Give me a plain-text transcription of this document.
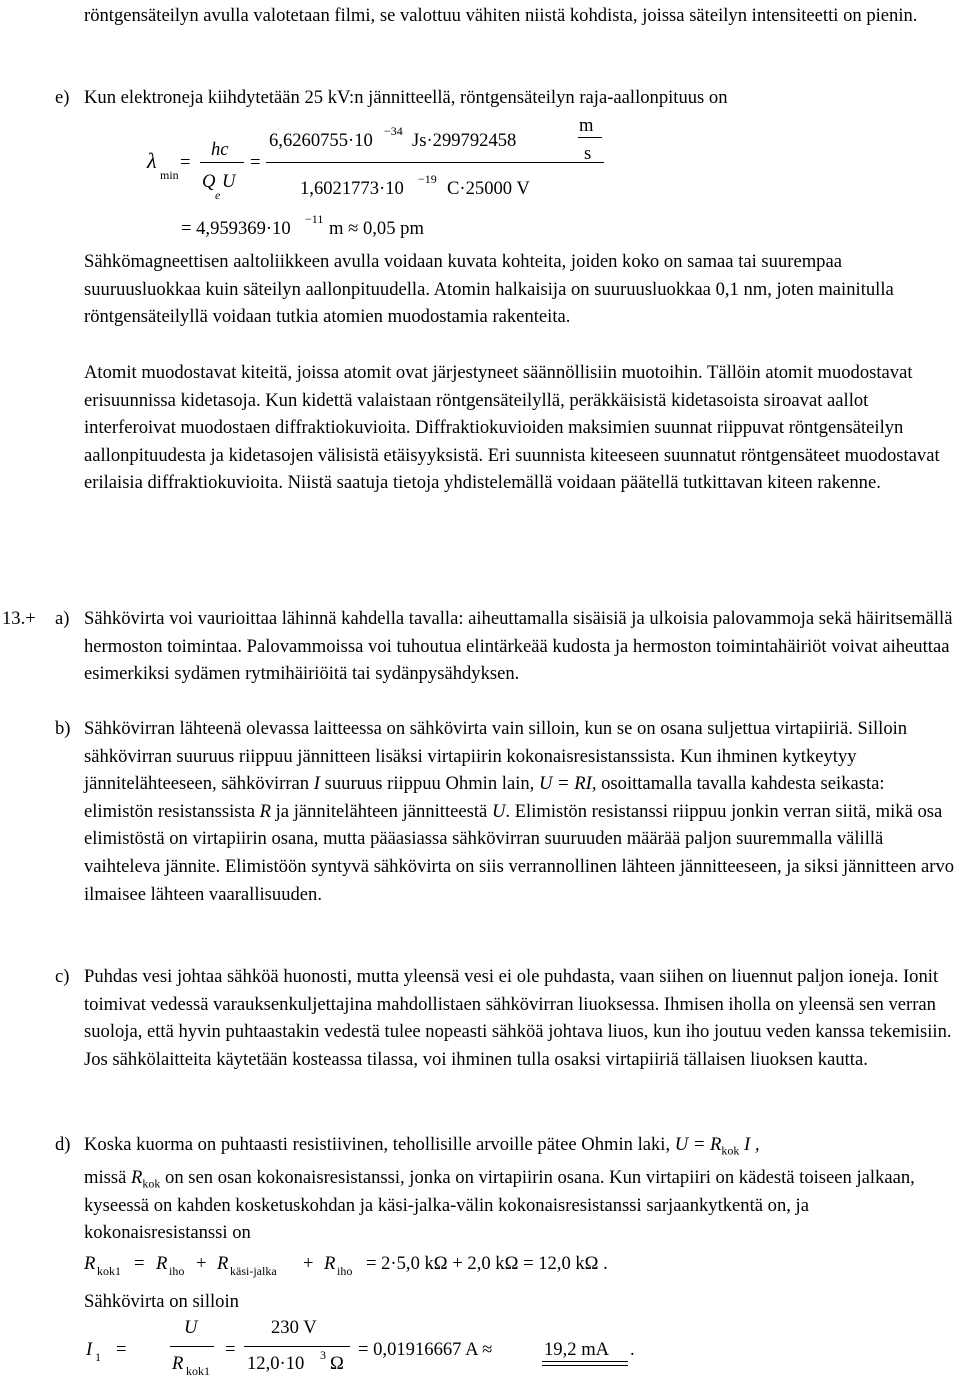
röntgensäteilyn avulla valotetaan filmi, se valottuu vähiten niistä kohdista, joissa säteilyn intensiteetti on pienin.

e) Kun elektroneja kiihdytetään 25 kV:n jännitteellä, röntgensäteilyn raja-aallonpituus on

λ
min
=
hc
Q
e
U
=
6,6260755·10 −34 Js·299792458
m
s
1,6021773·10 −19 C·25000 V
= 4,959369·10 −11 m ≈ 0,05 pm

Sähkömagneettisen aaltoliikkeen avulla voidaan kuvata kohteita, joiden koko on samaa tai suurempaa suuruusluokkaa kuin säteilyn aallonpituudella. Atomin halkaisija on suuruusluokkaa 0,1 nm, joten mainitulla röntgensäteilyllä voidaan tutkia atomien muodostamia rakenteita.

Atomit muodostavat kiteitä, joissa atomit ovat järjestyneet säännöllisiin muotoihin. Tällöin atomit muodostavat erisuunnissa kidetasoja. Kun kidettä valaistaan röntgensäteilyllä, peräkkäisistä kidetasoista siroavat aallot interferoivat muodostaen diffraktiokuvioita. Diffraktiokuvioiden maksimien suunnat riippuvat röntgensäteilyn aallonpituudesta ja kidetasojen välisistä etäisyyksistä. Eri suunnista kiteeseen suunnatut röntgensäteet muodostavat erilaisia diffraktiokuvioita. Niistä saatuja tietoja yhdistelemällä voidaan päätellä tutkittavan kiteen rakenne.

13.+ a) Sähkövirta voi vaurioittaa lähinnä kahdella tavalla: aiheuttamalla sisäisiä ja ulkoisia palovammoja sekä häiritsemällä hermoston toimintaa. Palovammoissa voi tuhoutua elintärkeää kudosta ja hermoston toimintahäiriöt voivat aiheuttaa esimerkiksi sydämen rytmihäiriöitä tai sydänpysähdyksen.

b) Sähkövirran lähteenä olevassa laitteessa on sähkövirta vain silloin, kun se on osana suljettua virtapiiriä. Silloin sähkövirran suuruus riippuu jännitteen lisäksi virtapiirin kokonaisresistanssista. Kun ihminen kytkeytyy jännitelähteeseen, sähkövirran I suuruus riippuu Ohmin lain, U = RI, osoittamalla tavalla kahdesta seikasta: elimistön resistanssista R ja jännitelähteen jännitteestä U. Elimistön resistanssi riippuu jonkin verran siitä, mikä osa elimistöstä on virtapiirin osana, mutta pääasiassa sähkövirran suuruuden määrää paljon suuremmalla välillä vaihteleva jännite. Elimistöön syntyvä sähkövirta on siis verrannollinen lähteen jännitteeseen, ja siksi jännitteen arvo ilmaisee lähteen vaarallisuuden.

c) Puhdas vesi johtaa sähköä huonosti, mutta yleensä vesi ei ole puhdasta, vaan siihen on liuennut paljon ioneja. Ionit toimivat vedessä varauksenkuljettajina mahdollistaen sähkövirran liuoksessa. Ihmisen iholla on yleensä sen verran suoloja, että hyvin puhtaastakin vedestä tulee nopeasti sähköä johtava liuos, kun iho joutuu veden kanssa tekemisiin. Jos sähkölaitteita käytetään kosteassa tilassa, voi ihminen tulla osaksi virtapiiriä tällaisen liuoksen kautta.

d) Koska kuorma on puhtaasti resistiivinen, tehollisille arvoille pätee Ohmin laki, $U = R_{kok}$ I ,
missä $R_{kok}$ on sen osan kokonaisresistanssi, jonka on virtapiirin osana. Kun virtapiiri on kädestä toiseen jalkaan, kyseessä on kahden kosketuskohdan ja käsi-jalka-välin kokonaisresistanssi sarjaankytkentä on, ja kokonaisresistanssi on
R kok1 = R iho + R käsi-jalka + R iho = 2·5,0 kΩ + 2,0 kΩ = 12,0 kΩ .
Sähkövirta on silloin
I 1 =
U
R kok1
=
230 V
12,0·10 3 Ω
= 0,01916667 A ≈	19,2 mA .
